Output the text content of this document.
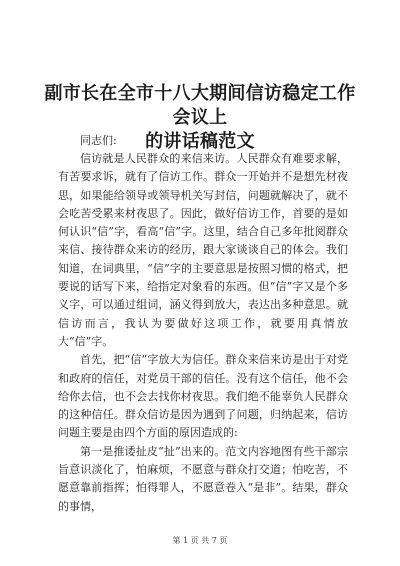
副市长在全市十八大期间信访稳定工作会议上
的讲话稿范文

同志们:

信访就是人民群众的来信来访。人民群众有难要求解，有苦要求诉，就有了信访工作。群众一开始并不是想先材夜思，如果能给领导或领导机关写封信，问题就解决了，就不会吃苦受累来材夜思了。因此，做好信访工作，首要的是如何认识“信”字，看高“信”字。这里，结合自己多年批阅群众来信、接待群众来访的经历，跟大家谈谈自己的体会。我们知道，在词典里，“信”字的主要意思是按照习惯的格式，把要说的话写下来，给指定对象看的东西。但“信”字又是个多义字，可以通过组词，涵义得到放大，表达出多种意思。就信访而言，我认为要做好这项工作，就要用真情放大“信”字。

首先，把“信”字放大为信任。群众来信来访是出于对党和政府的信任，对党员干部的信任。没有这个信任，他不会给你去信，也不会去找你材夜思。我们绝不能辜负人民群众的这种信任。群众信访是因为遇到了问题，归纳起来，信访问题主要是由四个方面的原因造成的:

第一是推诿扯皮“扯”出来的。范文内容地图有些干部宗旨意识淡化了，怕麻烦，不愿意与群众打交道；怕吃苦，不愿意靠前指挥；怕得罪人，不愿意卷入“是非”。结果，群众的事情，

第 1 页 共 7 页
